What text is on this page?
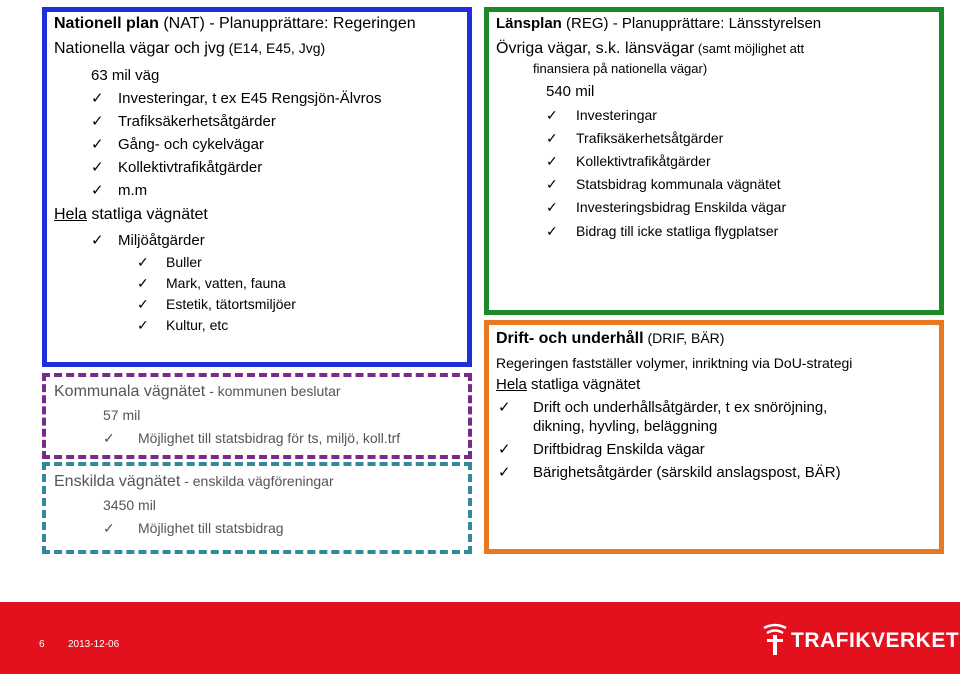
Nationell plan (NAT) - Planupprättare: Regeringen
Nationella vägar och jvg (E14, E45, Jvg)
63 mil väg
✓ Investeringar, t ex E45 Rengsjön-Älvros
✓ Trafiksäkerhetsåtgärder
✓ Gång- och cykelvägar
✓ Kollektivtrafikåtgärder
✓ m.m
Hela statliga vägnätet
✓ Miljöåtgärder
✓ Buller
✓ Mark, vatten, fauna
✓ Estetik, tätortsmiljöer
✓ Kultur, etc
Kommunala vägnätet - kommunen beslutar
57 mil
✓ Möjlighet till statsbidrag för ts, miljö, koll.trf
Enskilda vägnätet - enskilda vägföreningar
3450 mil
✓ Möjlighet till statsbidrag
Länsplan (REG) - Planupprättare: Länsstyrelsen
Övriga vägar, s.k. länsvägar (samt möjlighet att
finansiera på nationella vägar)
540 mil
✓ Investeringar
✓ Trafiksäkerhetsåtgärder
✓ Kollektivtrafikåtgärder
✓ Statsbidrag kommunala vägnätet
✓ Investeringsbidrag Enskilda vägar
✓ Bidrag till icke statliga flygplatser
Drift- och underhåll (DRIF, BÄR)
Regeringen fastställer volymer, inriktning via DoU-strategi
Hela statliga vägnätet
✓ Drift och underhållsåtgärder, t ex snöröjning,
dikning, hyvling, beläggning
✓ Driftbidrag Enskilda vägar
✓ Bärighetsåtgärder (särskild anslagspost, BÄR)
6 2013-12-06	TRAFIKVERKET
